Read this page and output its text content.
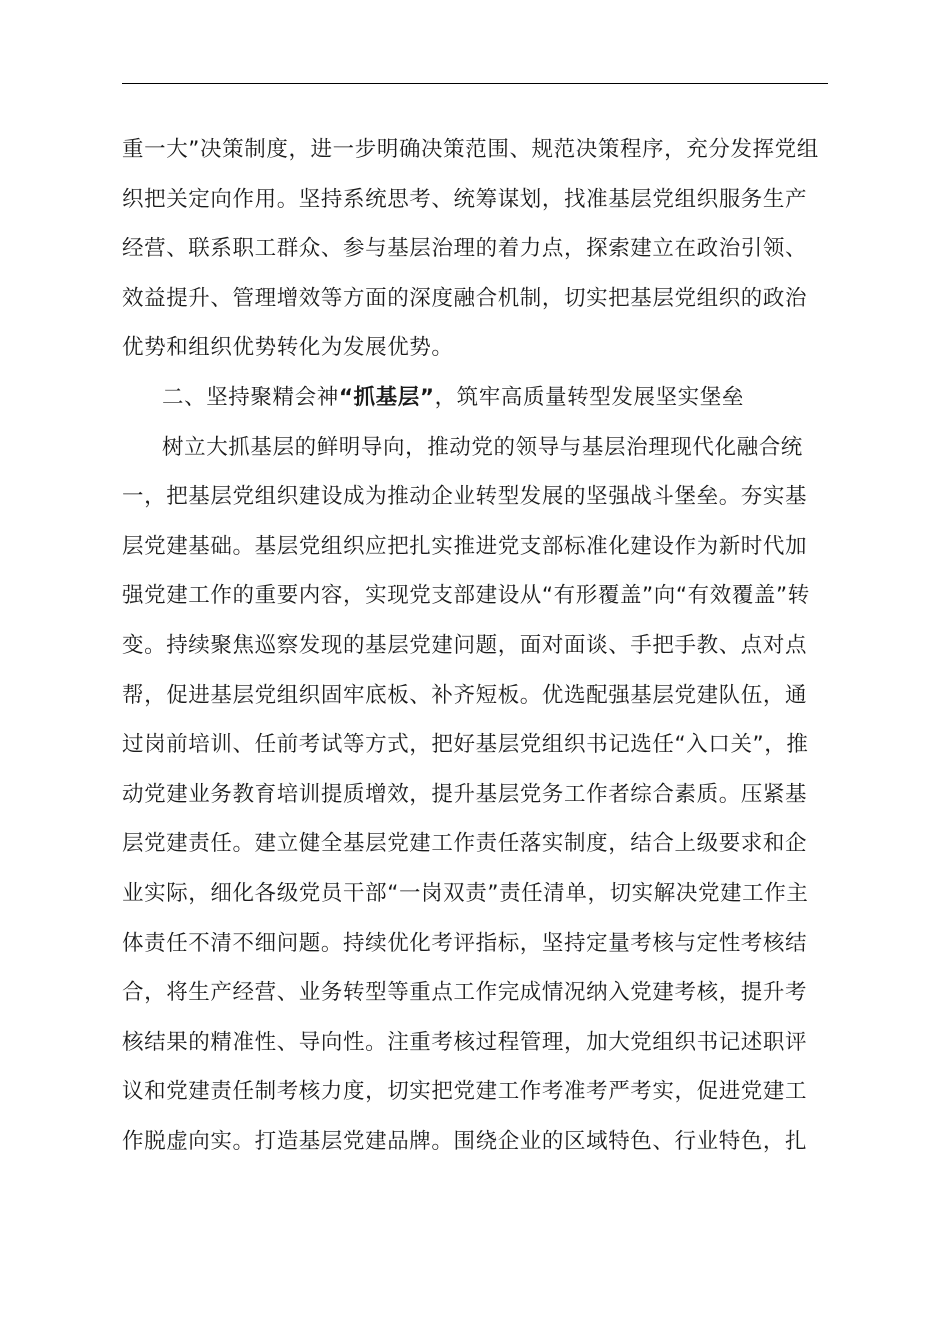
重一大”决策制度，进一步明确决策范围、规范决策程序，充分发挥党组
织把关定向作用。坚持系统思考、统筹谋划，找准基层党组织服务生产
经营、联系职工群众、参与基层治理的着力点，探索建立在政治引领、
效益提升、管理增效等方面的深度融合机制，切实把基层党组织的政治
优势和组织优势转化为发展优势。
二、坚持聚精会神“抓基层”，筑牢高质量转型发展坚实堡垒
树立大抓基层的鲜明导向，推动党的领导与基层治理现代化融合统
一，把基层党组织建设成为推动企业转型发展的坚强战斗堡垒。夯实基
层党建基础。基层党组织应把扎实推进党支部标准化建设作为新时代加
强党建工作的重要内容，实现党支部建设从“有形覆盖”向“有效覆盖”转
变。持续聚焦巡察发现的基层党建问题，面对面谈、手把手教、点对点
帮，促进基层党组织固牢底板、补齐短板。优选配强基层党建队伍，通
过岗前培训、任前考试等方式，把好基层党组织书记选任“入口关”，推
动党建业务教育培训提质增效，提升基层党务工作者综合素质。压紧基
层党建责任。建立健全基层党建工作责任落实制度，结合上级要求和企
业实际，细化各级党员干部“一岗双责”责任清单，切实解决党建工作主
体责任不清不细问题。持续优化考评指标，坚持定量考核与定性考核结
合，将生产经营、业务转型等重点工作完成情况纳入党建考核，提升考
核结果的精准性、导向性。注重考核过程管理，加大党组织书记述职评
议和党建责任制考核力度，切实把党建工作考准考严考实，促进党建工
作脱虚向实。打造基层党建品牌。围绕企业的区域特色、行业特色，扎
